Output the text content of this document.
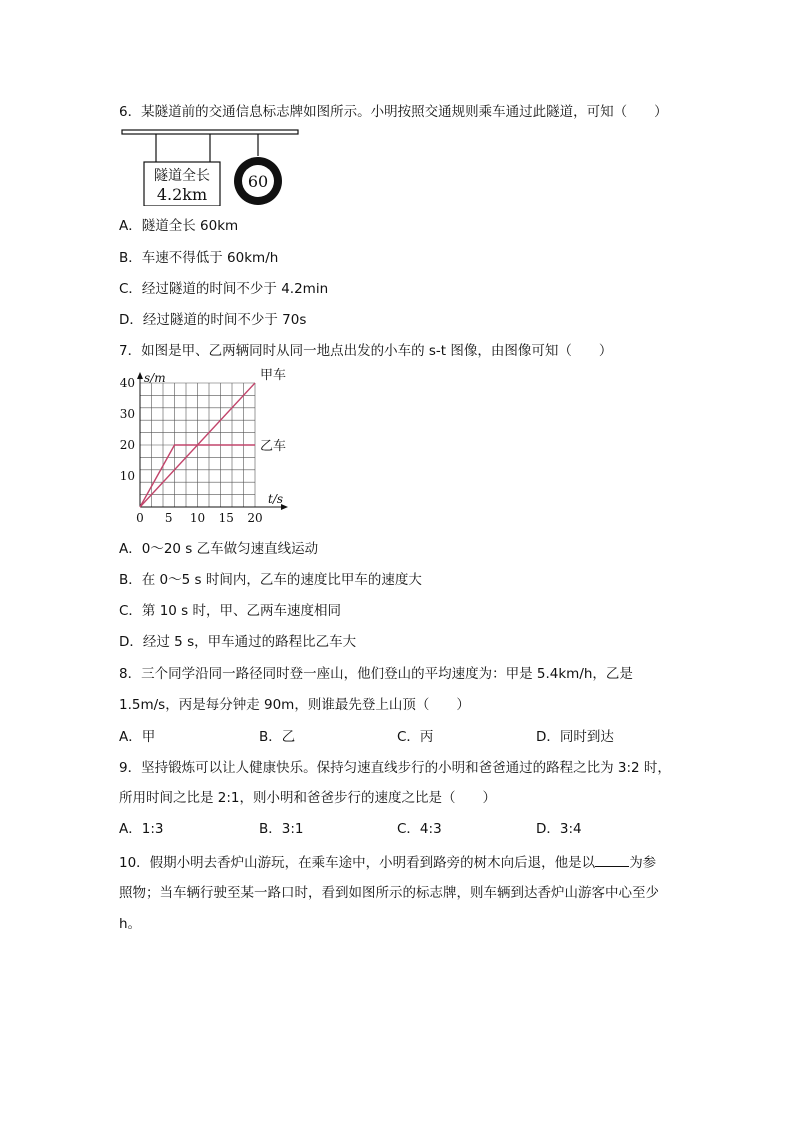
6．某隧道前的交通信息标志牌如图所示。小明按照交通规则乘车通过此隧道，可知（　　）
隧道全长
4.2km
60
A．隧道全长 60km
B．车速不得低于 60km/h
C．经过隧道的时间不少于 4.2min
D．经过隧道的时间不少于 70s
7．如图是甲、乙两辆同时从同一地点出发的小车的 s-t 图像，由图像可知（　　）
0 5 10 15 20
10
20
30
40	甲车
乙车
s/m
t/s
A．0～20 s 乙车做匀速直线运动
B．在 0～5 s 时间内，乙车的速度比甲车的速度大
C．第 10 s 时，甲、乙两车速度相同
D．经过 5 s，甲车通过的路程比乙车大
8．三个同学沿同一路径同时登一座山，他们登山的平均速度为：甲是 5.4km/h，乙是
1.5m/s，丙是每分钟走 90m，则谁最先登上山顶（　　）
A．甲	B．乙	C．丙	D．同时到达
9．坚持锻炼可以让人健康快乐。保持匀速直线步行的小明和爸爸通过的路程之比为 3:2 时，
所用时间之比是 2:1，则小明和爸爸步行的速度之比是（　　）
A．1:3	B．3:1	C．4:3	D．3:4
10．假期小明去香炉山游玩，在乘车途中，小明看到路旁的树木向后退，他是以	为参
照物；当车辆行驶至某一路口时，看到如图所示的标志牌，则车辆到达香炉山游客中心至少
h。
